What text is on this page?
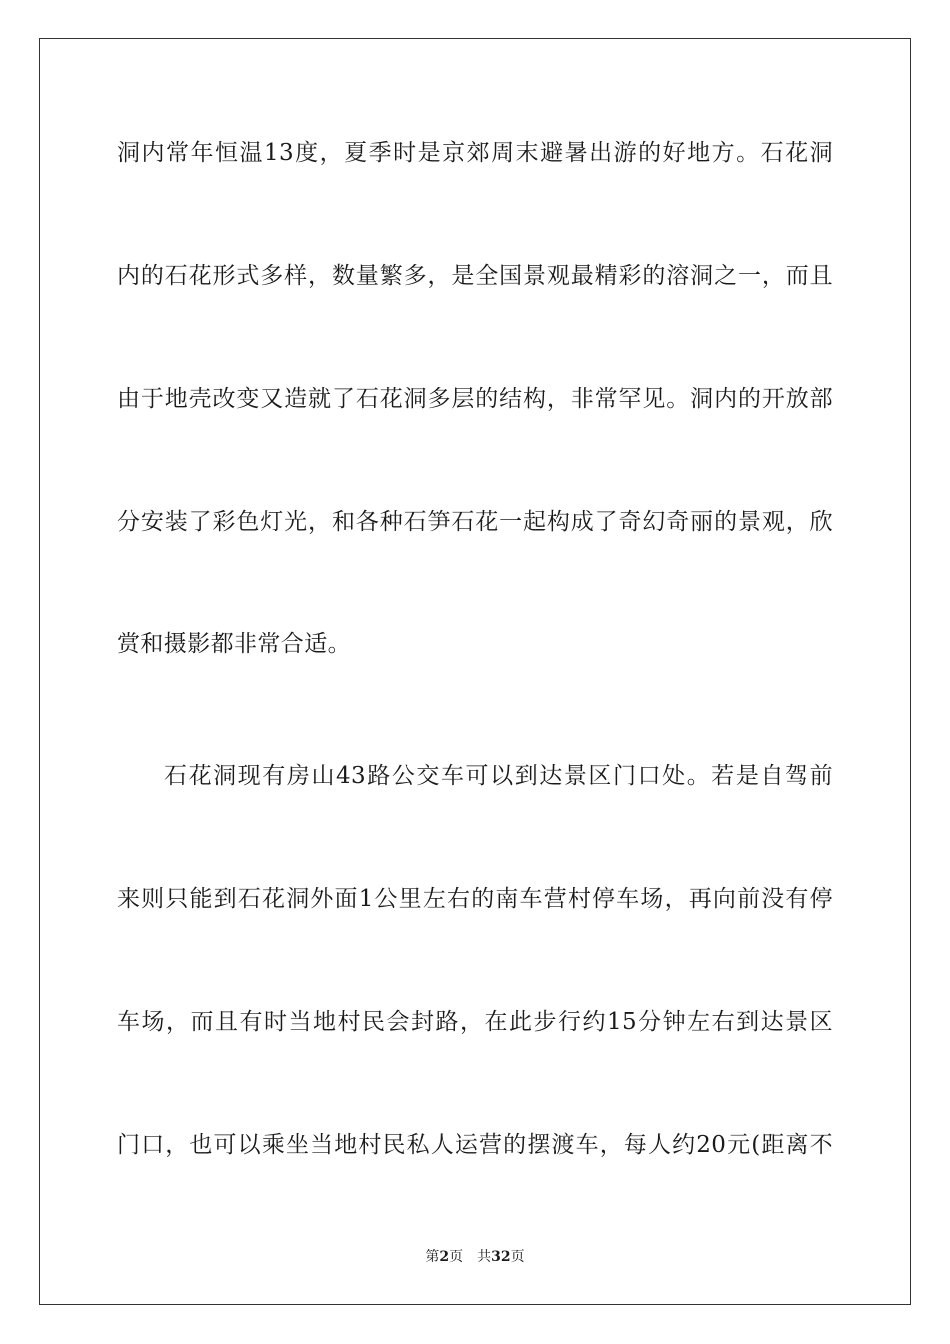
洞内常年恒温13度，夏季时是京郊周末避暑出游的好地方。石花洞
内的石花形式多样，数量繁多，是全国景观最精彩的溶洞之一，而且
由于地壳改变又造就了石花洞多层的结构，非常罕见。洞内的开放部
分安装了彩色灯光，和各种石笋石花一起构成了奇幻奇丽的景观，欣
赏和摄影都非常合适。
石花洞现有房山43路公交车可以到达景区门口处。若是自驾前
来则只能到石花洞外面1公里左右的南车营村停车场，再向前没有停
车场，而且有时当地村民会封路，在此步行约15分钟左右到达景区
门口，也可以乘坐当地村民私人运营的摆渡车，每人约20元(距离不
第2页 共32页
